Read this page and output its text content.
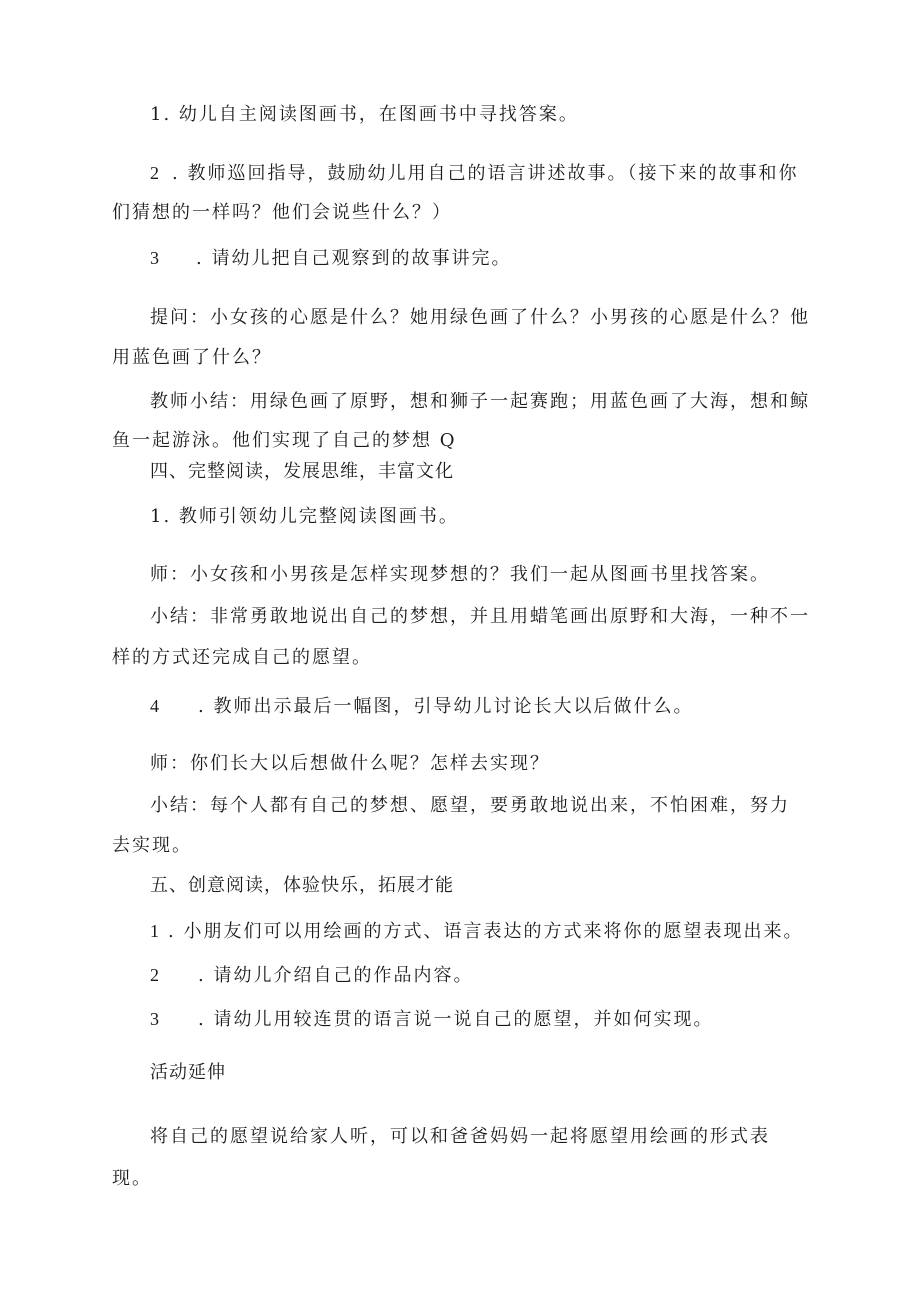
1. 幼儿自主阅读图画书，在图画书中寻找答案。

2 . 教师巡回指导，鼓励幼儿用自己的语言讲述故事。（接下来的故事和你

们猜想的一样吗？他们会说些什么？）

3 . 请幼儿把自己观察到的故事讲完。

提问：小女孩的心愿是什么？她用绿色画了什么？小男孩的心愿是什么？他

用蓝色画了什么？

教师小结：用绿色画了原野，想和狮子一起赛跑；用蓝色画了大海，想和鲸

鱼一起游泳。他们实现了自己的梦想 Q

四、完整阅读，发展思维，丰富文化

1. 教师引领幼儿完整阅读图画书。

师：小女孩和小男孩是怎样实现梦想的？我们一起从图画书里找答案。

小结：非常勇敢地说出自己的梦想，并且用蜡笔画出原野和大海，一种不一

样的方式还完成自己的愿望。

4 . 教师出示最后一幅图，引导幼儿讨论长大以后做什么。

师：你们长大以后想做什么呢？怎样去实现？

小结：每个人都有自己的梦想、愿望，要勇敢地说出来，不怕困难，努力

去实现。

五、创意阅读，体验快乐，拓展才能

1 . 小朋友们可以用绘画的方式、语言表达的方式来将你的愿望表现出来。

2 . 请幼儿介绍自己的作品内容。

3 . 请幼儿用较连贯的语言说一说自己的愿望，并如何实现。

活动延伸

将自己的愿望说给家人听，可以和爸爸妈妈一起将愿望用绘画的形式表

现。
